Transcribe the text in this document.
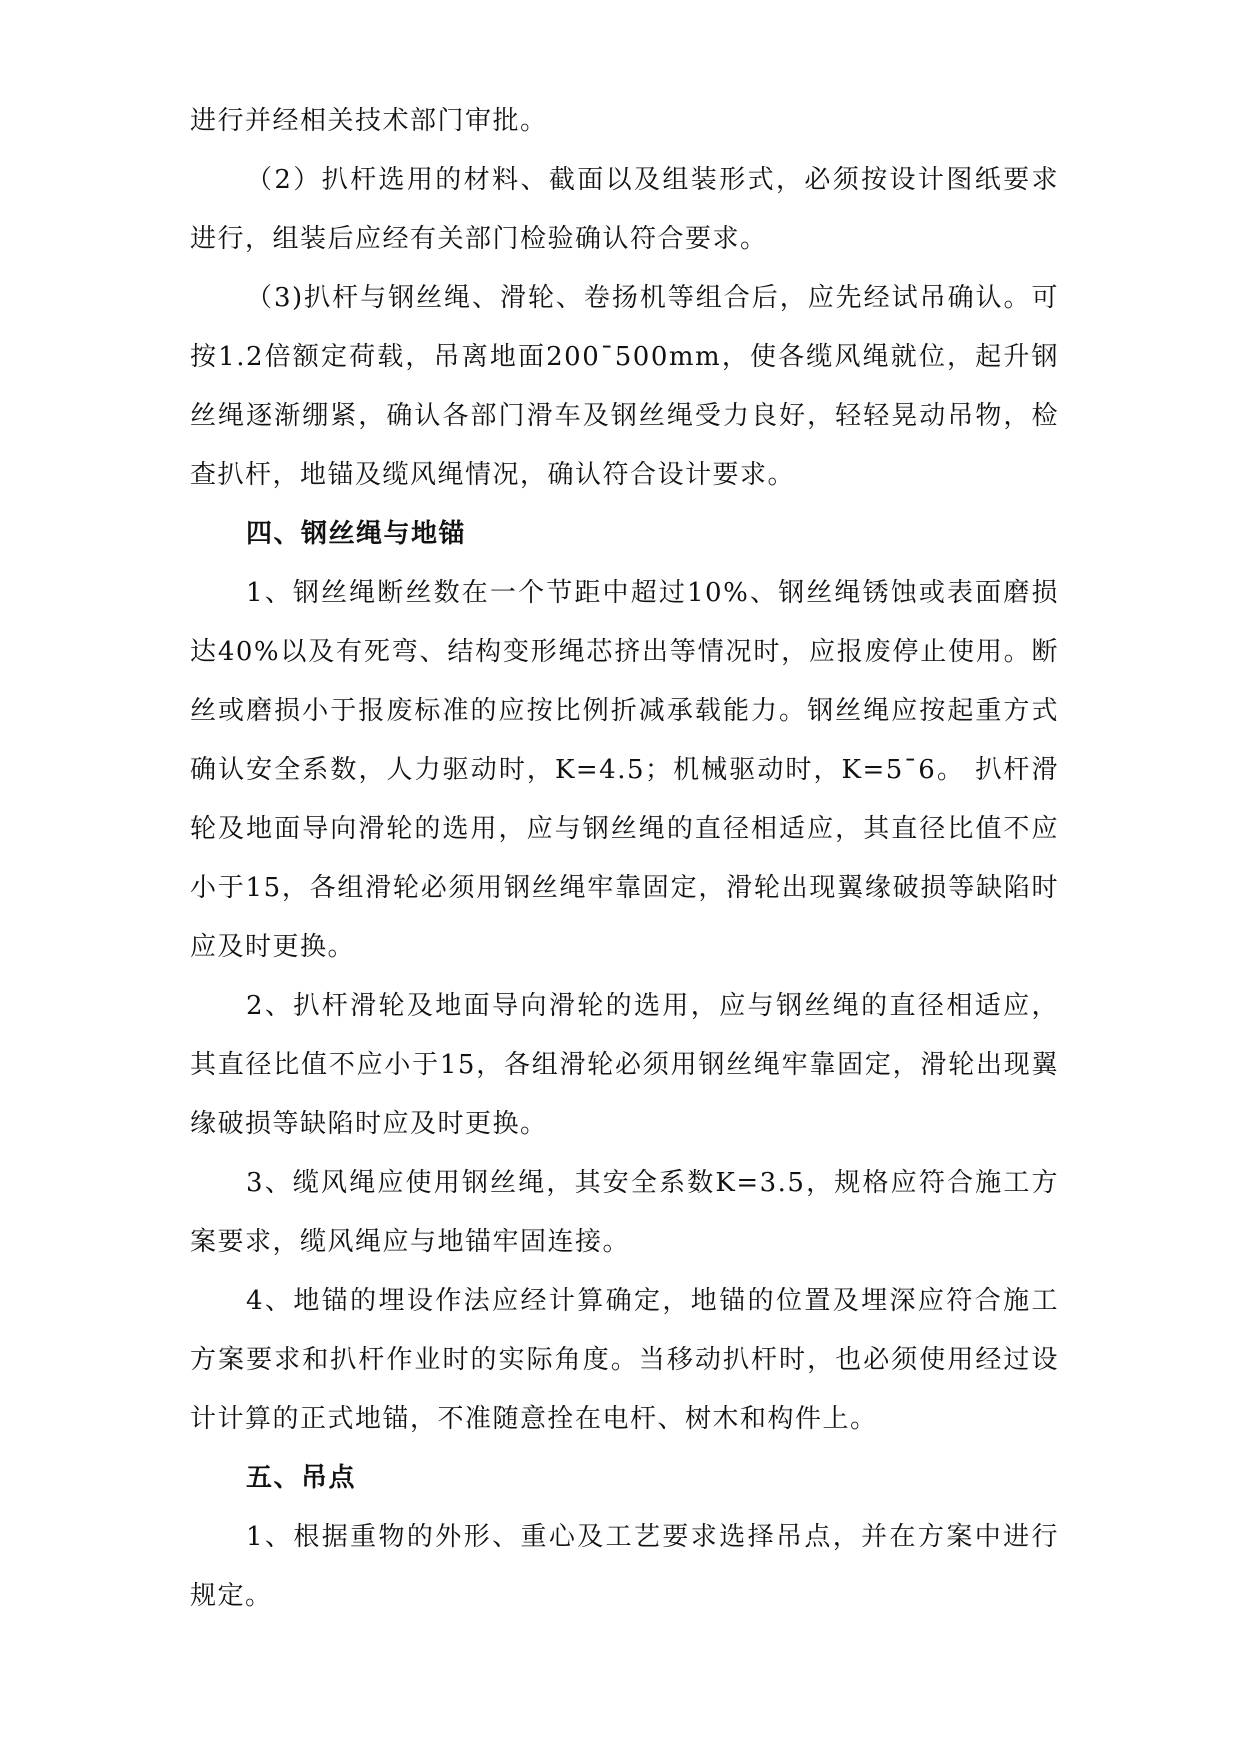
进行并经相关技术部门审批。

（2）扒杆选用的材料、截面以及组装形式，必须按设计图纸要求进行，组装后应经有关部门检验确认符合要求。

（3)扒杆与钢丝绳、滑轮、卷扬机等组合后，应先经试吊确认。可按1.2倍额定荷载，吊离地面200¯500mm，使各缆风绳就位，起升钢丝绳逐渐绷紧，确认各部门滑车及钢丝绳受力良好，轻轻晃动吊物，检查扒杆，地锚及缆风绳情况，确认符合设计要求。

四、钢丝绳与地锚

1、钢丝绳断丝数在一个节距中超过10%、钢丝绳锈蚀或表面磨损达40%以及有死弯、结构变形绳芯挤出等情况时，应报废停止使用。断丝或磨损小于报废标准的应按比例折减承载能力。钢丝绳应按起重方式确认安全系数，人力驱动时，K=4.5；机械驱动时，K=5¯6。 扒杆滑轮及地面导向滑轮的选用，应与钢丝绳的直径相适应，其直径比值不应小于15，各组滑轮必须用钢丝绳牢靠固定，滑轮出现翼缘破损等缺陷时应及时更换。

2、扒杆滑轮及地面导向滑轮的选用，应与钢丝绳的直径相适应，其直径比值不应小于15，各组滑轮必须用钢丝绳牢靠固定，滑轮出现翼缘破损等缺陷时应及时更换。

3、缆风绳应使用钢丝绳，其安全系数K=3.5，规格应符合施工方案要求，缆风绳应与地锚牢固连接。

4、地锚的埋设作法应经计算确定，地锚的位置及埋深应符合施工方案要求和扒杆作业时的实际角度。当移动扒杆时，也必须使用经过设计计算的正式地锚，不准随意拴在电杆、树木和构件上。

五、吊点

1、根据重物的外形、重心及工艺要求选择吊点，并在方案中进行规定。
